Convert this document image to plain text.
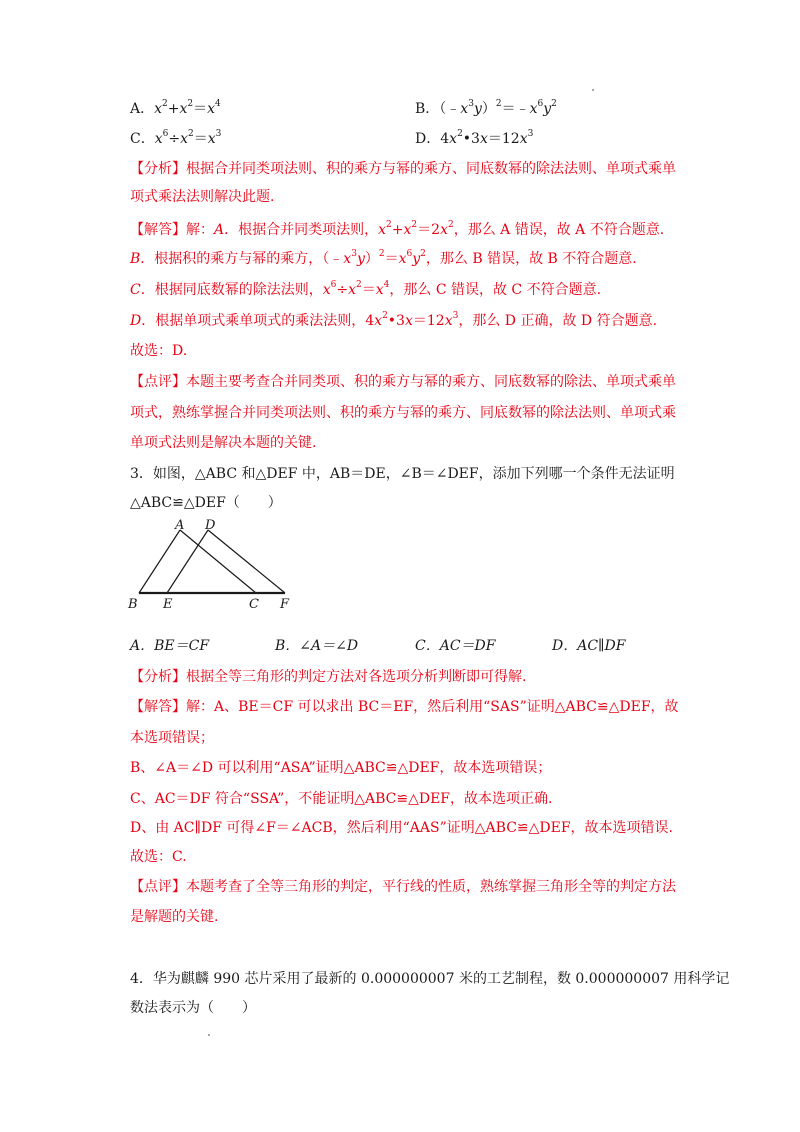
A．$x^2+x^2=x^4$	B．$(﹣x^3y)^2=﹣x^6y^2$
C．$x^6\div x^2=x^3$	D．$4x^2•3x=12x^3$
【分析】根据合并同类项法则、积的乘方与幂的乘方、同底数幂的除法法则、单项式乘单
项式乘法法则解决此题.
【解答】解：A．根据合并同类项法则，$x^2+x^2=2x^2$，那么 A 错误，故 A 不符合题意.
B．根据积的乘方与幂的乘方，$(﹣x^3y)^2=x^6y^2$，那么 B 错误，故 B 不符合题意.
C．根据同底数幂的除法法则，$x^6\div x^2=x^4$，那么 C 错误，故 C 不符合题意.
D．根据单项式乘单项式的乘法法则，$4x^2•3x=12x^3$，那么 D 正确，故 D 符合题意.
故选：D.
【点评】本题主要考查合并同类项、积的乘方与幂的乘方、同底数幂的除法、单项式乘单
项式，熟练掌握合并同类项法则、积的乘方与幂的乘方、同底数幂的除法法则、单项式乘
单项式法则是解决本题的关键.
3．如图，△ABC 和△DEF 中，AB＝DE，∠B＝∠DEF，添加下列哪一个条件无法证明
△ABC≌△DEF（　　）
A D
B E	C F
A．BE＝CF	B．∠A＝∠D	C．AC＝DF	D．AC∥DF
【分析】根据全等三角形的判定方法对各选项分析判断即可得解.
【解答】解：A、BE＝CF 可以求出 BC＝EF，然后利用“SAS”证明△ABC≌△DEF，故
本选项错误；
B、∠A＝∠D 可以利用“ASA”证明△ABC≌△DEF，故本选项错误；
C、AC＝DF 符合“SSA”，不能证明△ABC≌△DEF，故本选项正确.
D、由 AC∥DF 可得∠F＝∠ACB，然后利用“AAS”证明△ABC≌△DEF，故本选项错误.
故选：C.
【点评】本题考查了全等三角形的判定，平行线的性质，熟练掌握三角形全等的判定方法
是解题的关键.
4．华为麒麟 990 芯片采用了最新的 0.000000007 米的工艺制程，数 0.000000007 用科学记
数法表示为（　　）
